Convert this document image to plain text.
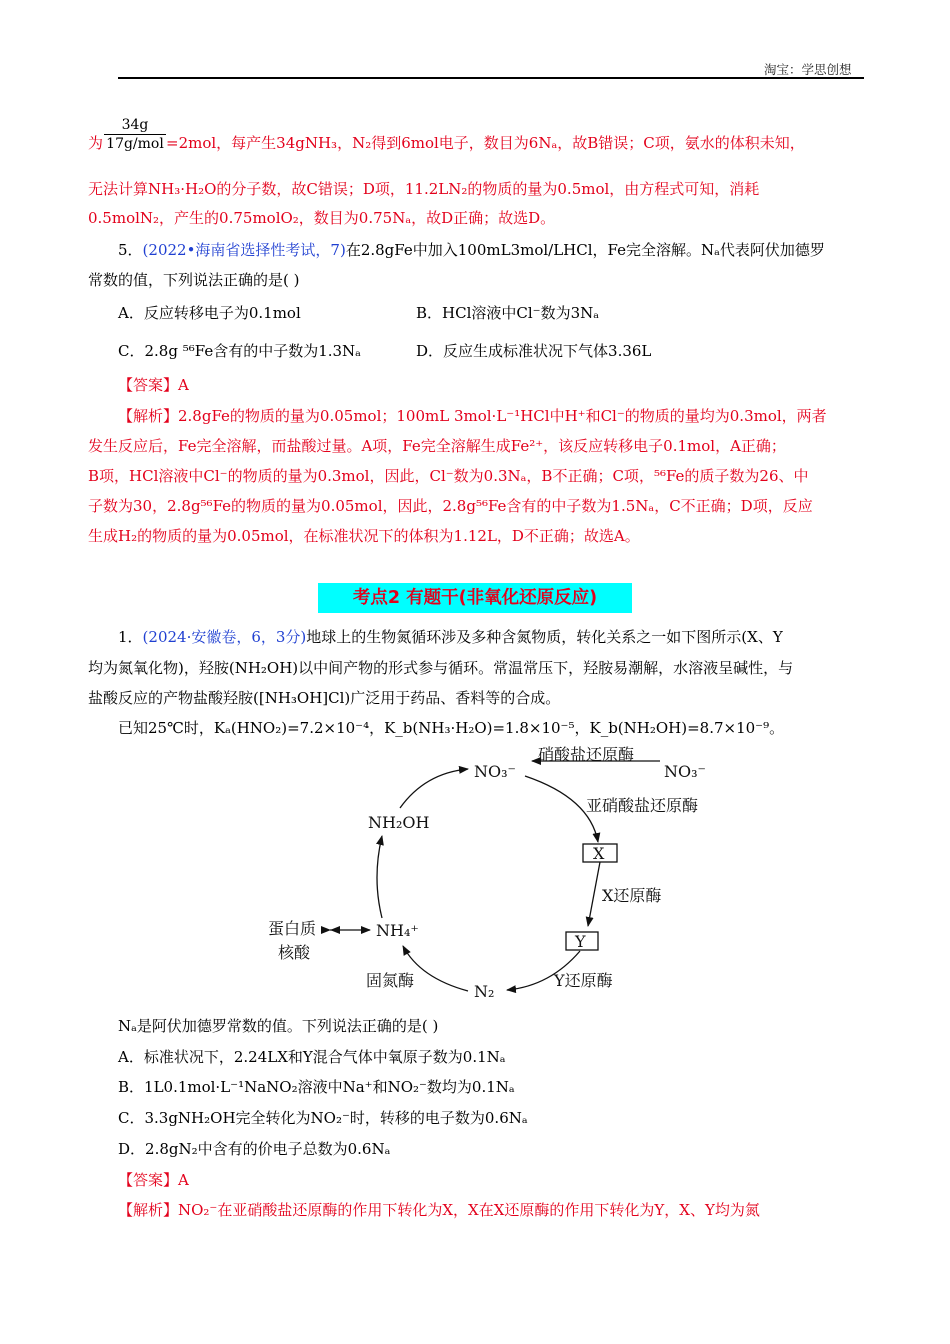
淘宝：学思创想
为
34g
17g/mol =2mol，每产生34gNH₃，N₂得到6mol电子，数目为6Nₐ，故B错误；C项，氨水的体积未知，
无法计算NH₃·H₂O的分子数，故C错误；D项，11.2LN₂的物质的量为0.5mol，由方程式可知，消耗
0.5molN₂，产生的0.75molO₂，数目为0.75Nₐ，故D正确；故选D。
5．(2022•海南省选择性考试，7)在2.8gFe中加入100mL3mol/LHCl，Fe完全溶解。Nₐ代表阿伏加德罗
常数的值，下列说法正确的是( )
A．反应转移电子为0.1mol	B．HCl溶液中Cl⁻数为3Nₐ
C．2.8g ⁵⁶Fe含有的中子数为1.3Nₐ	D．反应生成标准状况下气体3.36L
【答案】A
【解析】2.8gFe的物质的量为0.05mol；100mL 3mol·L⁻¹HCl中H⁺和Cl⁻的物质的量均为0.3mol，两者
发生反应后，Fe完全溶解，而盐酸过量。A项，Fe完全溶解生成Fe²⁺，该反应转移电子0.1mol，A正确；
B项，HCl溶液中Cl⁻的物质的量为0.3mol，因此，Cl⁻数为0.3Nₐ，B不正确；C项，⁵⁶Fe的质子数为26、中
子数为30，2.8g⁵⁶Fe的物质的量为0.05mol，因此，2.8g⁵⁶Fe含有的中子数为1.5Nₐ，C不正确；D项，反应
生成H₂的物质的量为0.05mol，在标准状况下的体积为1.12L，D不正确；故选A。
考点2 有题干(非氧化还原反应)
1．(2024·安徽卷，6，3分)地球上的生物氮循环涉及多种含氮物质，转化关系之一如下图所示(X、Y
均为氮氧化物)，羟胺(NH₂OH)以中间产物的形式参与循环。常温常压下，羟胺易潮解，水溶液呈碱性，与
盐酸反应的产物盐酸羟胺([NH₃OH]Cl)广泛用于药品、香料等的合成。
已知25℃时，Kₐ(HNO₂)=7.2×10⁻⁴，K_b(NH₃·H₂O)=1.8×10⁻⁵，K_b(NH₂OH)=8.7×10⁻⁹。
硝酸盐还原酶
NO₃⁻
NO₃⁻
亚硝酸盐还原酶
X
X还原酶
Y
Y还原酶
N₂
固氮酶
NH₄⁺
蛋白质
核酸
NH₂OH
Nₐ是阿伏加德罗常数的值。下列说法正确的是( )
A．标准状况下，2.24LX和Y混合气体中氧原子数为0.1Nₐ
B．1L0.1mol·L⁻¹NaNO₂溶液中Na⁺和NO₂⁻数均为0.1Nₐ
C．3.3gNH₂OH完全转化为NO₂⁻时，转移的电子数为0.6Nₐ
D．2.8gN₂中含有的价电子总数为0.6Nₐ
【答案】A
【解析】NO₂⁻在亚硝酸盐还原酶的作用下转化为X，X在X还原酶的作用下转化为Y，X、Y均为氮
